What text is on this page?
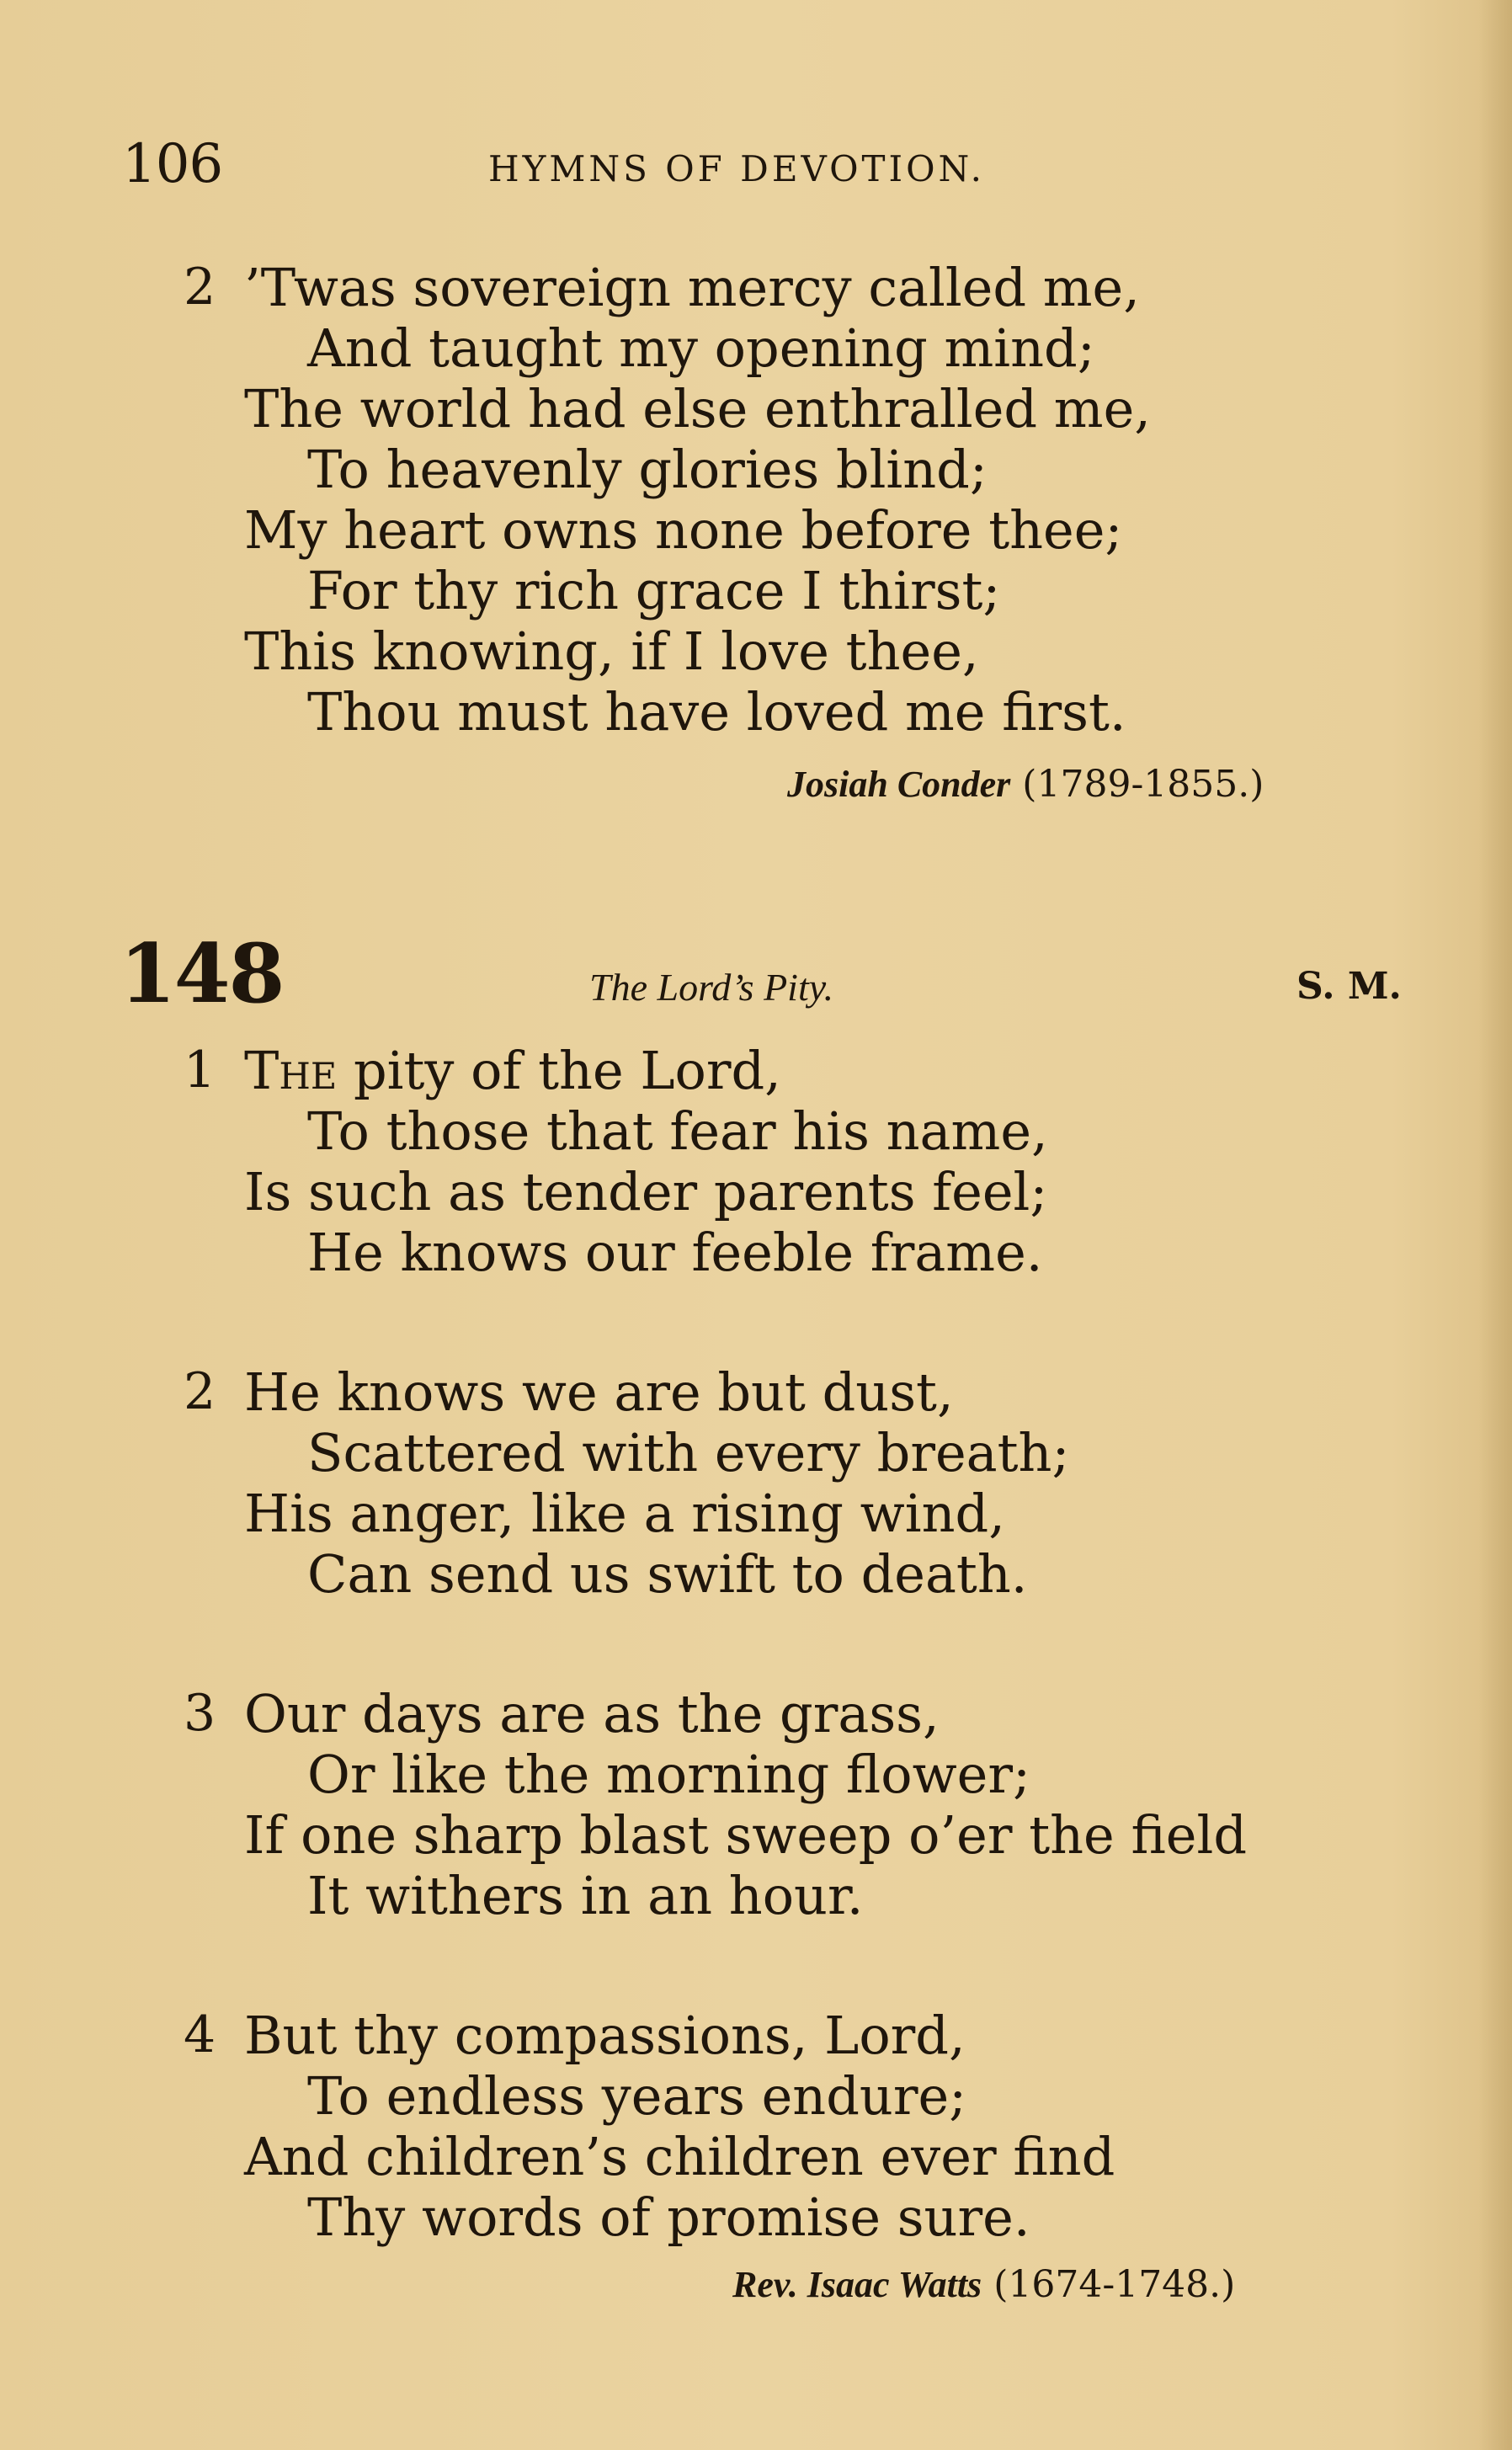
106	HYMNS OF DEVOTION.
2 ’Twas sovereign mercy called me,
And taught my opening mind;
The world had else enthralled me,
To heavenly glories blind;
My heart owns none before thee;
For thy rich grace I thirst;
This knowing, if I love thee,
Thou must have loved me first.
Josiah Conder (1789-1855.)
148	The Lord’s Pity.	S. M.
1 The pity of the Lord,
To those that fear his name,
Is such as tender parents feel;
He knows our feeble frame.
2 He knows we are but dust,
Scattered with every breath;
His anger, like a rising wind,
Can send us swift to death.
3 Our days are as the grass,
Or like the morning flower;
If one sharp blast sweep o’er the field
It withers in an hour.
4 But thy compassions, Lord,
To endless years endure;
And children’s children ever find
Thy words of promise sure.
Rev. Isaac Watts (1674-1748.)
